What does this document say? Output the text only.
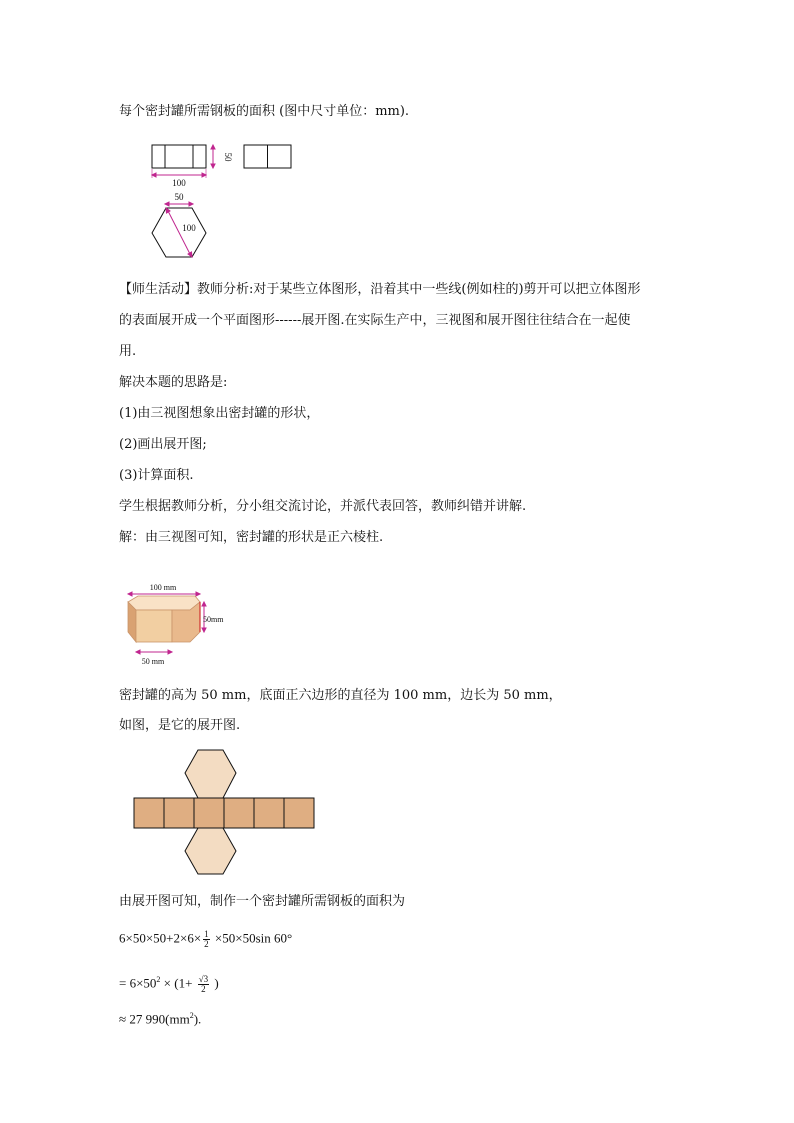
每个密封罐所需钢板的面积 (图中尺寸单位：mm).
50
100
50
100
【师生活动】教师分析:对于某些立体图形，沿着其中一些线(例如柱的)剪开可以把立体图形
的表面展开成一个平面图形------展开图.在实际生产中，三视图和展开图往往结合在一起使
用.
解决本题的思路是:
(1)由三视图想象出密封罐的形状，
(2)画出展开图;
(3)计算面积.
学生根据教师分析，分小组交流讨论，并派代表回答，教师纠错并讲解.
解：由三视图可知，密封罐的形状是正六棱柱.
100 mm
50mm
50 mm
密封罐的高为 50 mm，底面正六边形的直径为 100 mm，边长为 50 mm，
如图，是它的展开图.
由展开图可知，制作一个密封罐所需钢板的面积为
$6\times 50\times 50+2\times 6\times \frac{1}{2} \times 50\times 50\sin$ 60°
= $6\times 50^2 \times (1+ \frac{√3}{2}$ )
≈ 27 $990(mm^2)$.
